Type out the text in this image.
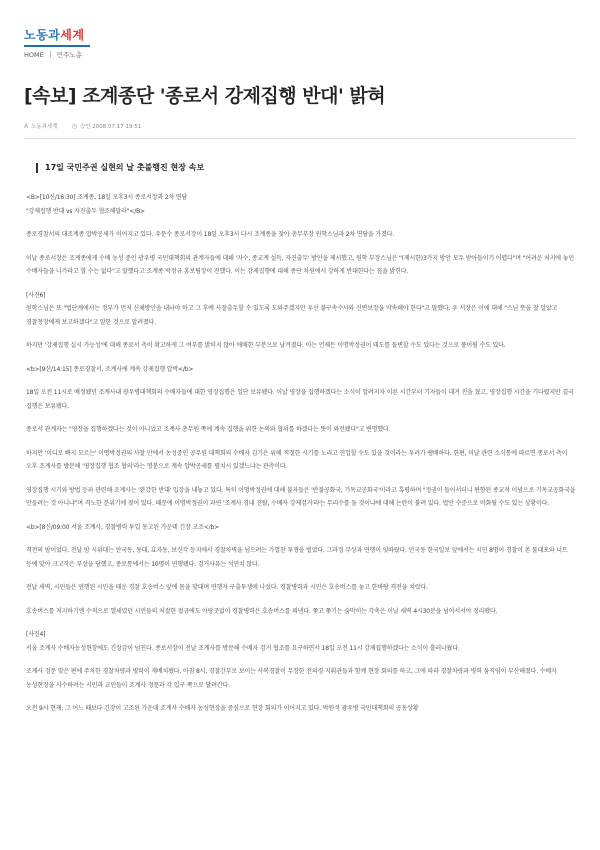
노동과세계
HOME 민주노총
[속보] 조계종단 '종로서 강제집행 반대' 밝혀
A 노동과세계 ◷ 승인 2008.07.17 19:51
17일 국민주권 실현의 날 촛불행진 현장 속보

<B>[10신/16:30] 조계종, 18일 오후3시 종로서장과 2차 면담

"강제집행 반대 vs 자진출두 협조해달라"</B>

종로경찰서의 대조계종 압박공세가 이어지고 있다. 우문수 종로서장이 18일 오후3시 다시 조계종을 찾아 총무부장 원학스님과 2차 면담을 가졌다.

이날 종로서장은 조계종에게 수배 농성 중인 광우병 국민대책회의 관계자들에 대해 '자수, 종교계 설득, 자진출두' 방안을 제시했고, 원학 부장스님은 "(제시한)3가지 방안 모두 받아들이기 어렵다"며 "어려운 처지에 놓인 수배자들을 나가라고 할 수는 없다"고 말했다고 조계종 박정규 홍보팀장이 전했다. 이는 강제집행에 대해 종단 차원에서 강하게 반대한다는 점을 밝힌다.

[사진6]

원학스님은 또 "법단계에서는 정부가 먼저 신체방안을 내놔야 하고 그 후에 사찰출두할 수 있도록 도와주겠지만 우선 불구속수사와 신변보장을 약속해야 한다"고 말했다. 우 서장은 이에 대해 "스님 뜻을 잘 알았고 경찰청장에게 보고하겠다"고 말한 것으로 알려졌다.

하지만 '강제집행 실시 가능성'에 대해 종로서 측이 확고하게 그 여부를 밝히지 않아 애매한 부분으로 남겨졌다. 이는 언제든 이명박정권이 태도를 돌변할 수도 있다는 것으로 풀이될 수도 있다.

<b>[9신/14:15] 종로경찰서, 조계사에 계속 강제집행 압박</b>

18일 오전 11시로 예정됐던 조계사내 광우병대책회의 수배자들에 대한 영장집행은 일단 보류됐다. 이날 영장을 집행하겠다는 소식이 알려지자 이른 시간부터 기자들이 대거 진을 쳤고, 영장집행 시간을 기다렸지만 결국 집행은 보류됐다.

종로서 관계자는 "영장을 집행하겠다는 것이 아니었고 조계사 총무원 쪽에 계속 집행을 위한 논의와 협의를 하겠다는 뜻이 와전됐다"고 변명했다.

하지만 '이디로 빠지 모르는' 이명박정권의 사찰 안에서 농성중인 공무원 대책회의 수배자 김기은 위해 적절한 시기를 노리고 진입할 수도 있을 것이라는 우려가 팽배하다. 한편, 이날 관련 소식통에 따르면 종로서 측이 오후 조계사를 방문해 '영장집행 협조 협의'라는 명분으로 계속 압박공세를 펼치시 있겠느냐는 관측이다.

영장집행 시기와 방법 등과 관련해 조계사는 '완강한 반대' 입장을 내놓고 있다. 특히 이명박정권에 대해 불자들은 '반불공화국, 기독교공화국'이라고 혹평하며 "정권이 들어서더니 편향된 종교적 이념으로 기독교공화국을 만들려는 것 아니냐"며 격노한 분위기에 젖어 있다. 때문에 이명박정권이 과연 '조계사 경내 진탈, 수배자 강제검거'라는 무리수를 둘 것이냐에 대해 논란이 불려 있다. 법안 수준으로 비화될 수도 있는 상황이다.

<b>[8신/09:00 서울 조계사, 경찰병력 투입 동고된 가운데 긴장 고조</b>

격전의 밤이었다. 전날 밤 시위대는 안국동, 동대, 효자동, 보신각 등지에서 경찰차벽을 넘으려는 가열찬 투쟁을 벌였다. 그과정 부상과 연행이 잇따랐다. 안국동 한국일보 앞에서는 시민 8명이 경찰이 쏜 물대포와 너트 등에 맞아 크고작은 부상을 당했고, 종로통에서는 10명이 연행됐다. 검거사유는 석연치 않다.

전날 새벽, 시민들은 연행된 시민을 태운 경찰 호송버스 앞에 몸을 맞대며 연행자 구출투쟁에 나섰다. 경찰병력과 시민은 호송버스를 놓고 한바탕 격전을 치렀다.

호송버스를 저지하기엔 수적으로 열세였던 시민들의 처절한 절규에도 아랑곳없이 경찰병력은 호송버스를 뢰낸다. 쫓고 쫓기는 숨막히는 각축은 이날 새벽 4시30분을 넘어서서야 정리됐다.

[사진4]

서울 조계사 수배자농성현장에도 긴장감이 넘친다. 종로서장이 전날 조계사를 방문해 수배자 검거 협조를 요구하면서 18일 오전 11시 강제집행하겠다는 소식이 흘러나왔다.

조계사 정문 맞은 편에 주차한 경찰차량과 병력이 재배치됐다. 아침 8시, 경찰간부로 보이는 사복경찰이 무장한 전의경 지휘관들과 함께 현장 회의를 하고, 그에 따라 경찰차량과 병력 움직임이 부산해졌다. 수배자 농성현장을 사수하려는 시민과 교인들이 조계사 정문과 각 입구 쪽으로 달려간다.

오전 9시 현재, 그 어느 때보다 긴장이 고조된 가운데 조계사 수배자 농성현장을 중심으로 현장 회의가 이어지고 있다. 박원석 광우병 국민대책회의 공동상황
